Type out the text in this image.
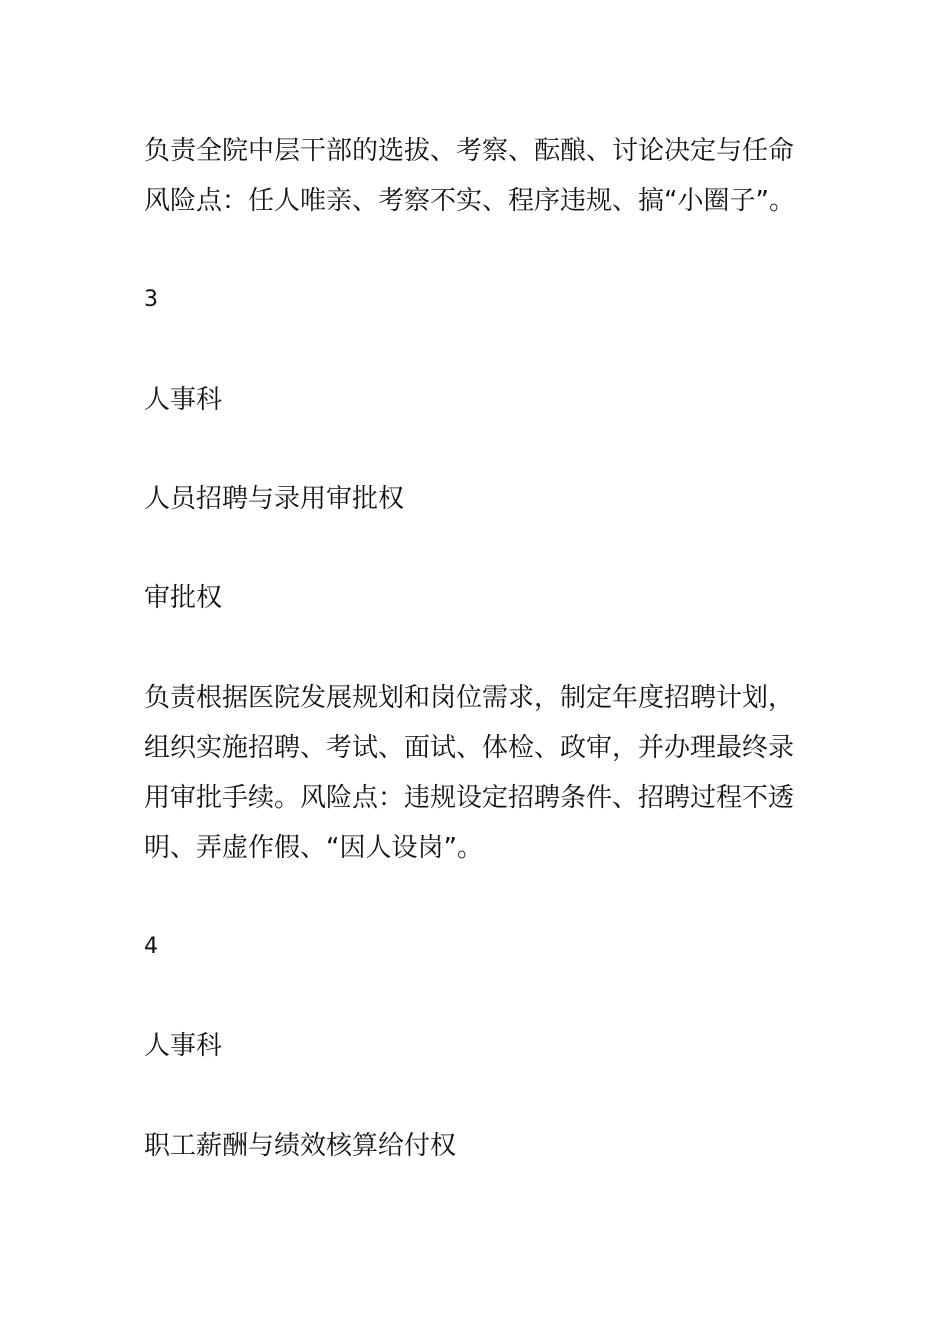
负责全院中层干部的选拔、考察、酝酿、讨论决定与任命
风险点：任人唯亲、考察不实、程序违规、搞“小圈子”。

3

人事科

人员招聘与录用审批权

审批权

负责根据医院发展规划和岗位需求，制定年度招聘计划，
组织实施招聘、考试、面试、体检、政审，并办理最终录
用审批手续。风险点：违规设定招聘条件、招聘过程不透
明、弄虚作假、“因人设岗”。

4

人事科

职工薪酬与绩效核算给付权
